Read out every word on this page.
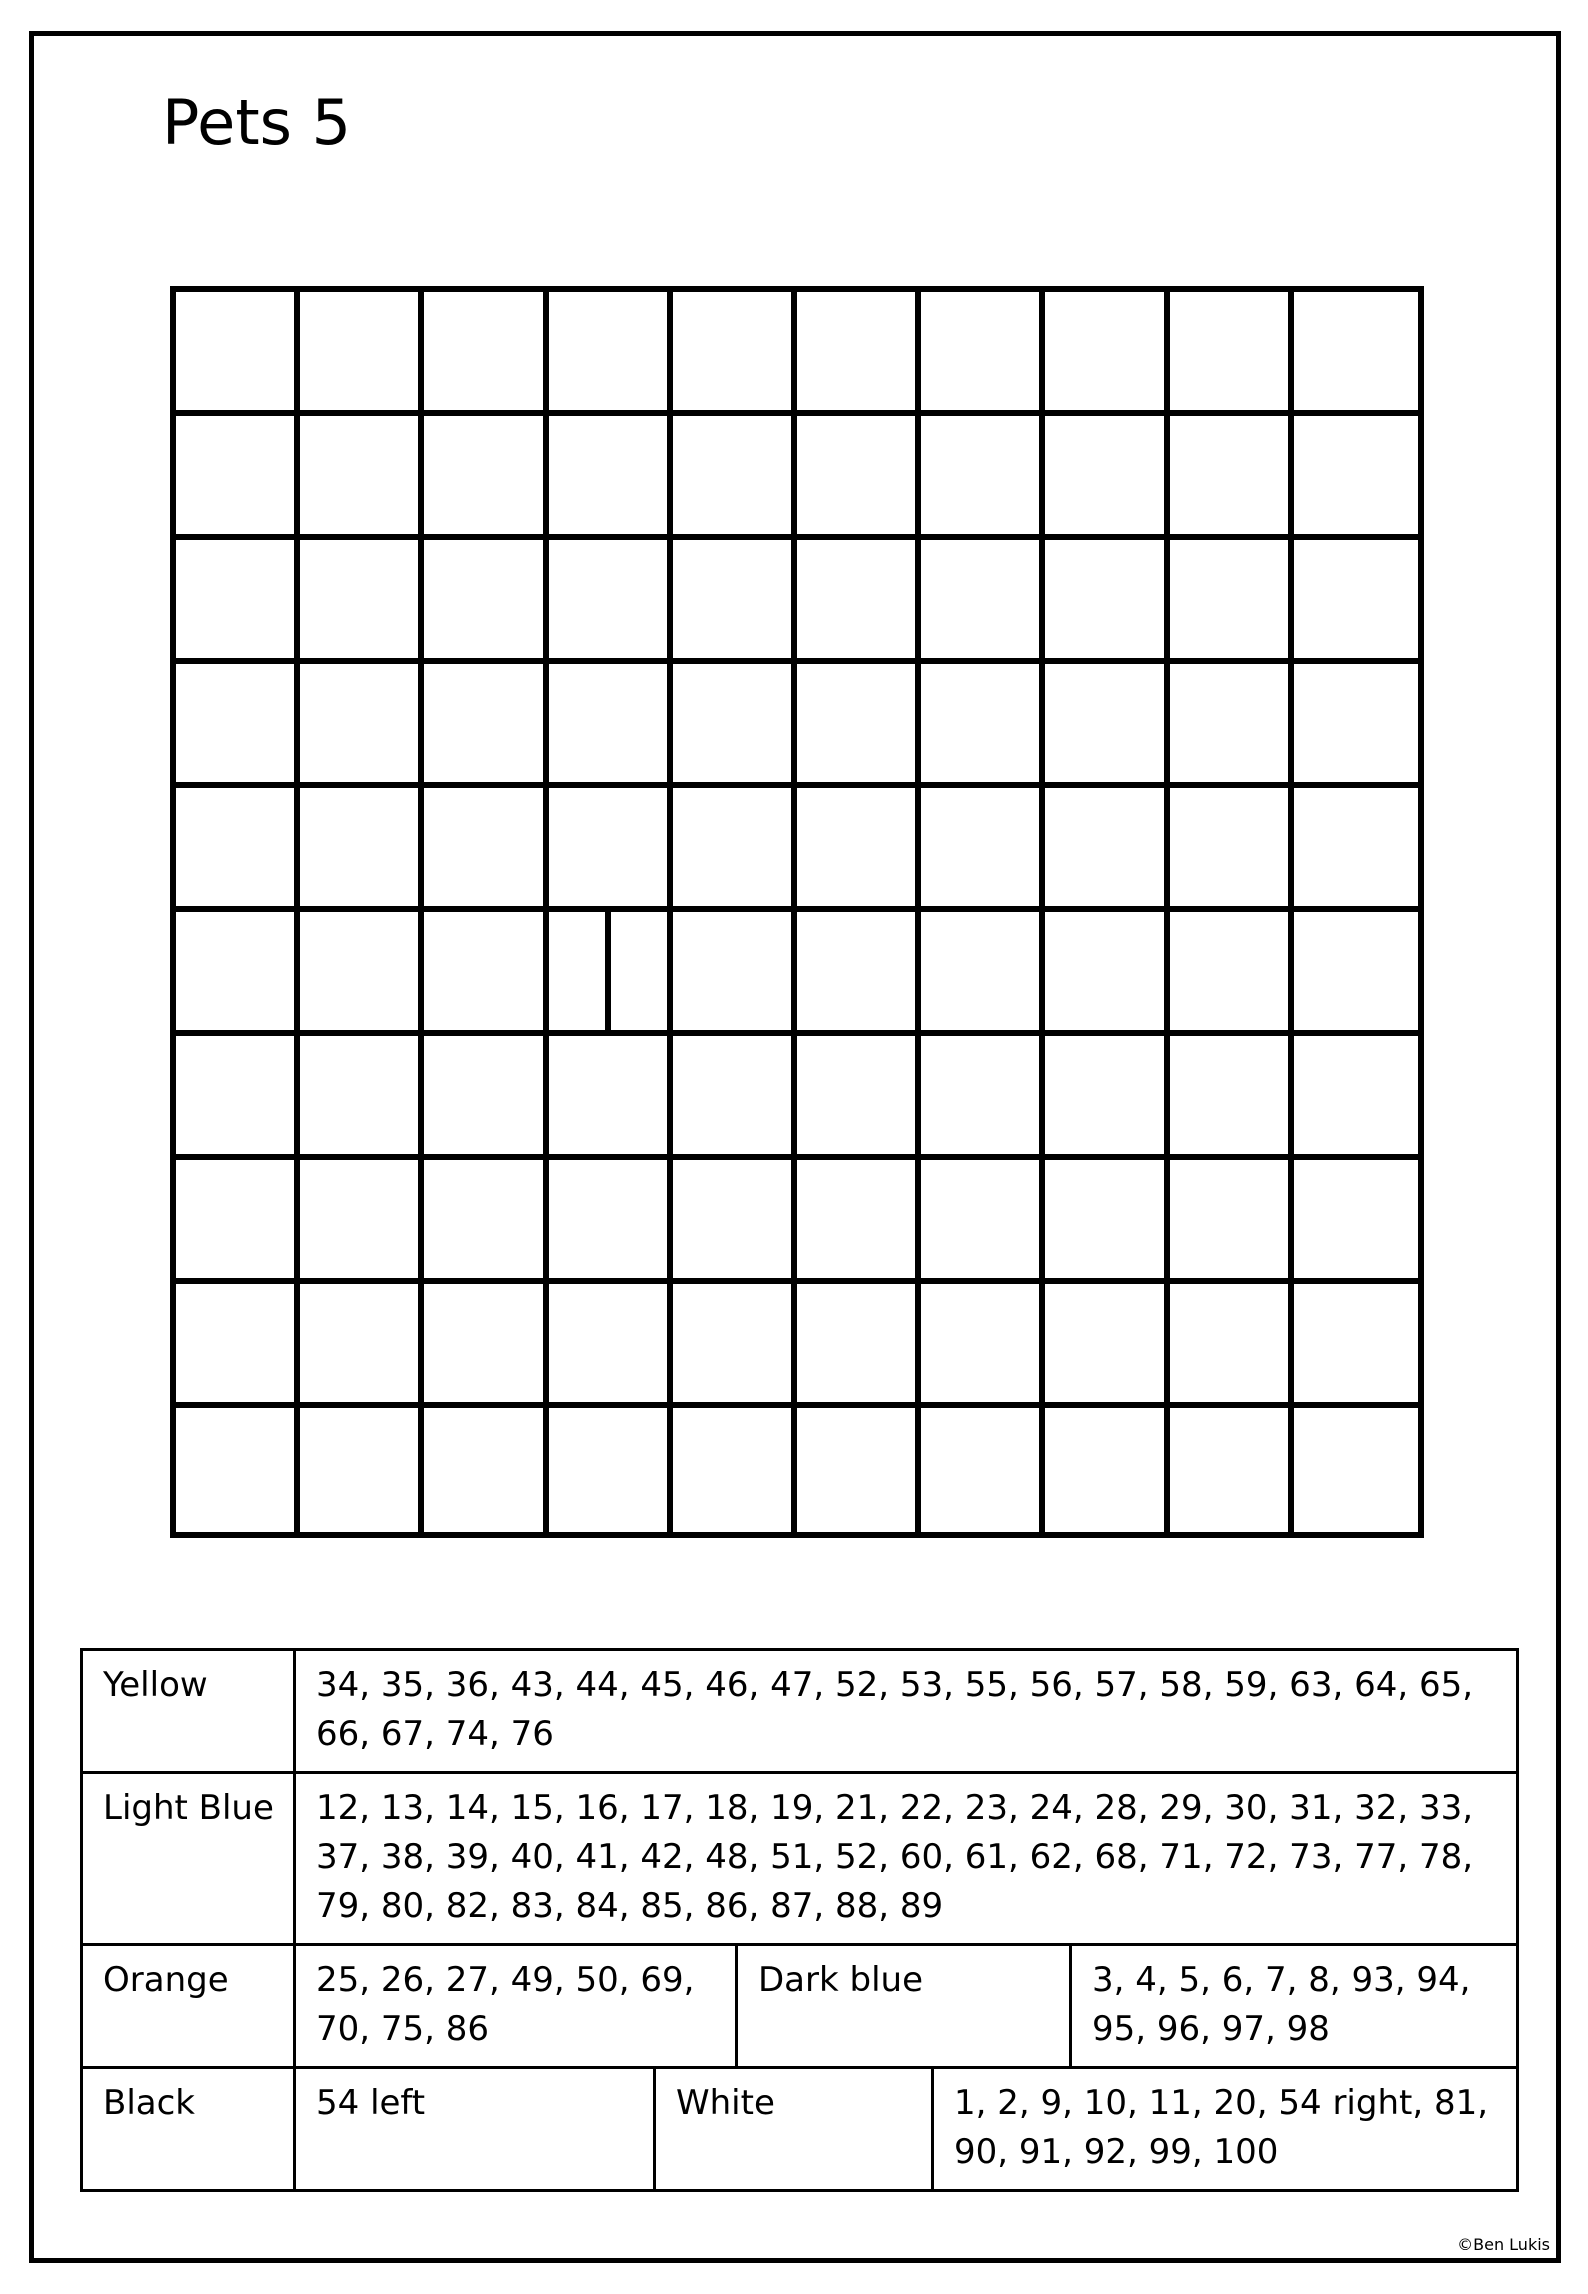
Pets 5
Yellow	34, 35, 36, 43, 44, 45, 46, 47, 52, 53, 55, 56, 57, 58, 59, 63, 64, 65, 66, 67, 74, 76				
Light Blue	12, 13, 14, 15, 16, 17, 18, 19, 21, 22, 23, 24, 28, 29, 30, 31, 32, 33, 37, 38, 39, 40, 41, 42, 48, 51, 52, 60, 61, 62, 68, 71, 72, 73, 77, 78, 79, 80, 82, 83, 84, 85, 86, 87, 88, 89				
Orange	25, 26, 27, 49, 50, 69, 70, 75, 86		Dark blue		3, 4, 5, 6, 7, 8, 93, 94, 95, 96, 97, 98
Black	54 left	White		1, 2, 9, 10, 11, 20, 54 right, 81, 90, 91, 92, 99, 100	
©Ben Lukis
